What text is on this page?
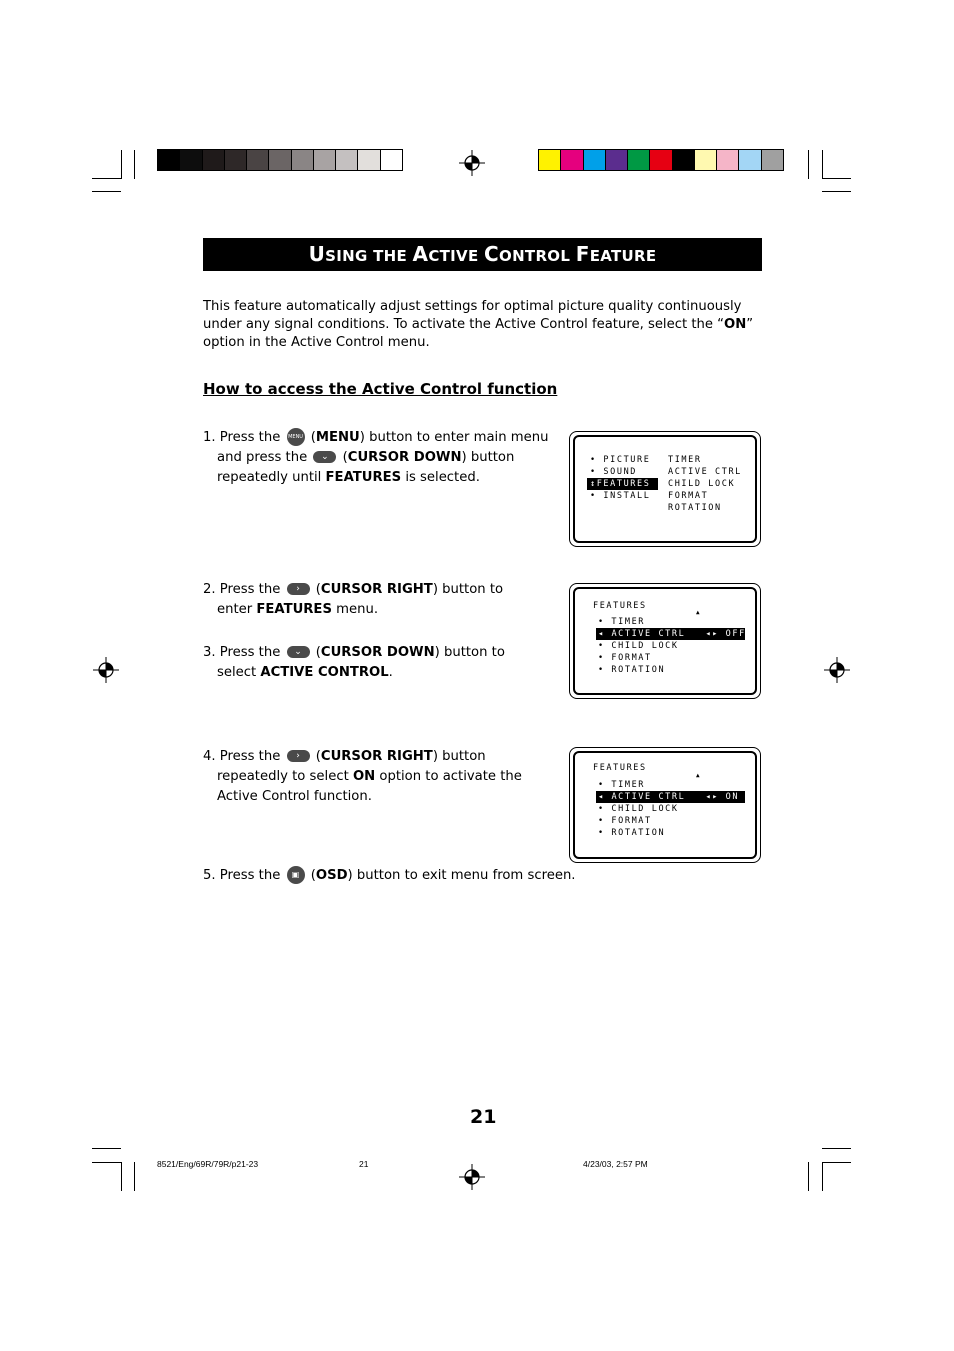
USING THE ACTIVE CONTROL FEATURE
This feature automatically adjust settings for optimal picture quality continuously under any signal conditions. To activate the Active Control feature, select the “ON” option in the Active Control menu.
How to access the Active Control function
1. Press the MENU (MENU) button to enter main menu
and press the ⌄ (CURSOR DOWN) button
repeatedly until FEATURES is selected.
2. Press the › (CURSOR RIGHT) button to
enter FEATURES menu.
3. Press the ⌄ (CURSOR DOWN) button to
select ACTIVE CONTROL.
4. Press the › (CURSOR RIGHT) button
repeatedly to select ON option to activate the
Active Control function.
5. Press the ▣ (OSD) button to exit menu from screen.
• PICTURE
• SOUND
↕FEATURES
• INSTALL
TIMER
ACTIVE CTRL
CHILD LOCK
FORMAT
ROTATION
FEATURES
▲
• TIMER
◂ ACTIVE CTRL   ◂▸ OFF
• CHILD LOCK
• FORMAT
• ROTATION
FEATURES
▲
• TIMER
◂ ACTIVE CTRL   ◂▸ ON
• CHILD LOCK
• FORMAT
• ROTATION
21
8521/Eng/69R/79R/p21-23	21	4/23/03, 2:57 PM
